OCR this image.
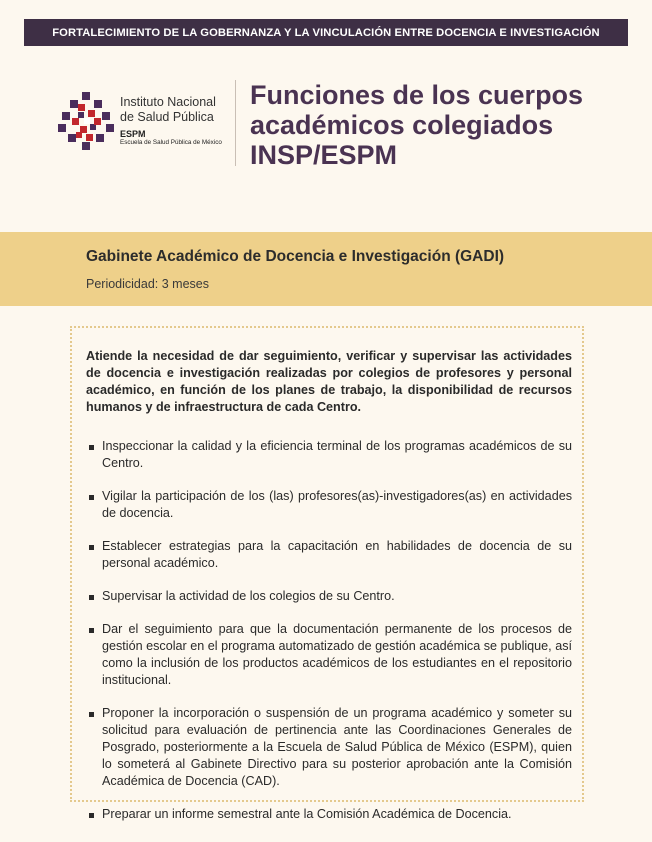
FORTALECIMIENTO DE LA GOBERNANZA Y LA VINCULACIÓN ENTRE DOCENCIA E INVESTIGACIÓN
Instituto Nacional de Salud Pública
ESPM
Escuela de Salud Pública de México
Funciones de los cuerpos académicos colegiados INSP/ESPM
Gabinete Académico de Docencia e Investigación (GADI)
Periodicidad: 3 meses

Atiende la necesidad de dar seguimiento, verificar y supervisar las actividades de docencia e investigación realizadas por colegios de profesores y personal académico, en función de los planes de trabajo, la disponibilidad de recursos humanos y de infraestructura de cada Centro.

Inspeccionar la calidad y la eficiencia terminal de los programas académicos de su Centro.
Vigilar la participación de los (las) profesores(as)-investigadores(as) en actividades de docencia.
Establecer estrategias para la capacitación en habilidades de docencia de su personal académico.
Supervisar la actividad de los colegios de su Centro.
Dar el seguimiento para que la documentación permanente de los procesos de gestión escolar en el programa automatizado de gestión académica se publique, así como la inclusión de los productos académicos de los estudiantes en el repositorio institucional.
Proponer la incorporación o suspensión de un programa académico y someter su solicitud para evaluación de pertinencia ante las Coordinaciones Generales de Posgrado, posteriormente a la Escuela de Salud Pública de México (ESPM), quien lo someterá al Gabinete Directivo para su posterior aprobación ante la Comisión Académica de Docencia (CAD).
Preparar un informe semestral ante la Comisión Académica de Docencia.
